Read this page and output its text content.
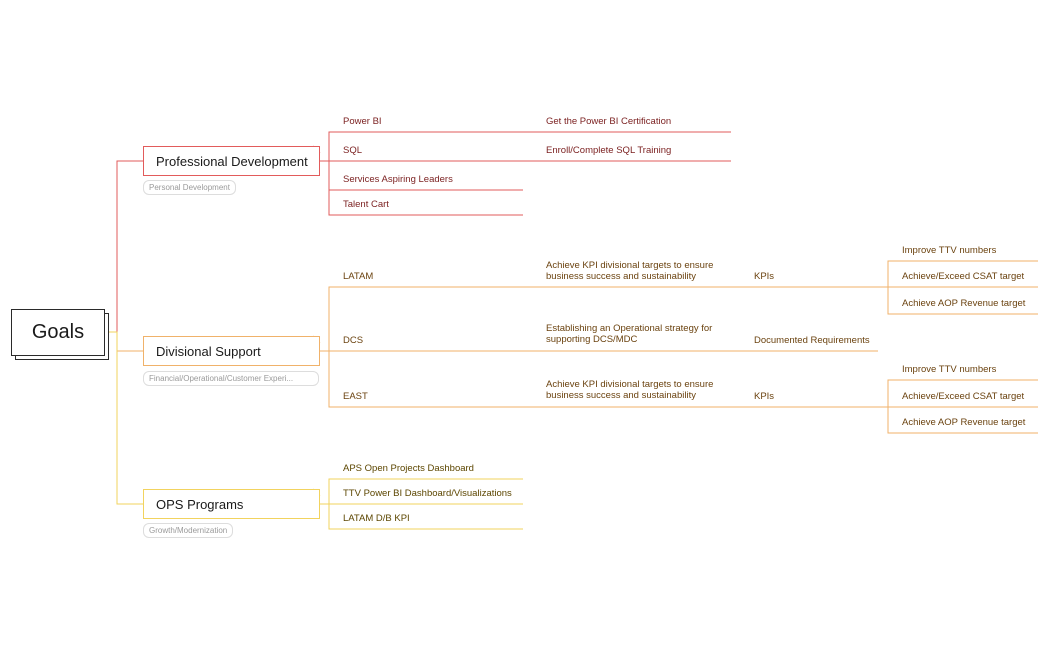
Goals
Professional Development
Personal Development
Power BI	Get the Power BI Certification
SQL	Enroll/Complete SQL Training
Services Aspiring Leaders
Talent Cart
Divisional Support
Financial/Operational/Customer Experi...
LATAM
Achieve KPI divisional targets to ensure
business success and sustainability	KPIs
Improve TTV numbers
Achieve/Exceed CSAT target
Achieve AOP Revenue target
DCS
Establishing an Operational strategy for
supporting DCS/MDC	Documented Requirements
EAST
Achieve KPI divisional targets to ensure
business success and sustainability	KPIs
Improve TTV numbers
Achieve/Exceed CSAT target
Achieve AOP Revenue target
OPS Programs
Growth/Modernization
APS Open Projects Dashboard
TTV Power BI Dashboard/Visualizations
LATAM D/B KPI
